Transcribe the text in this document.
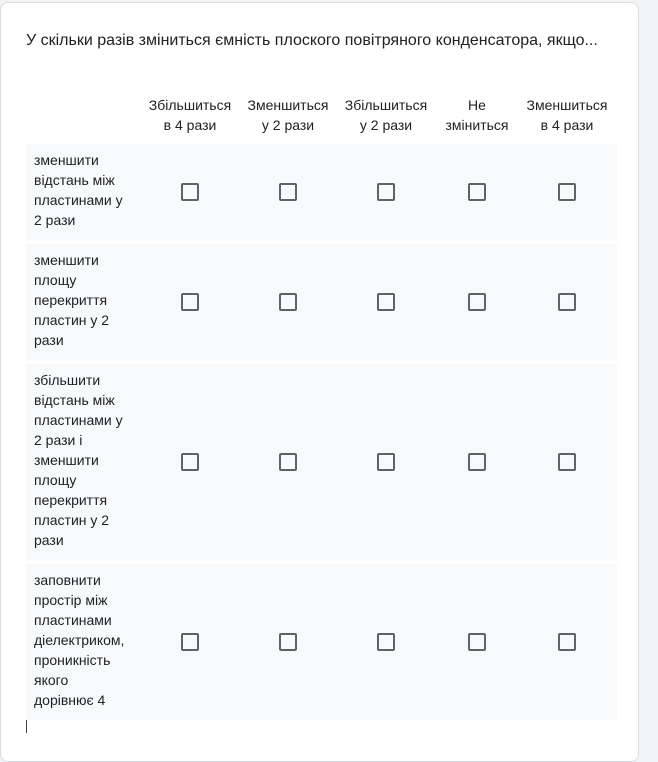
У скільки разів зміниться ємність плоского повітряного конденсатора, якщо...
Збільшиться
в 4 рази
Зменшиться
у 2 рази
Збільшиться
у 2 рази
Не
зміниться
Зменшиться
в 4 рази
зменшити
відстань між
пластинами у
2 рази
зменшити
площу
перекриття
пластин у 2
рази
збільшити
відстань між
пластинами у
2 рази і
зменшити
площу
перекриття
пластин у 2
рази
заповнити
простір між
пластинами
діелектриком,
проникність
якого
дорівнює 4
